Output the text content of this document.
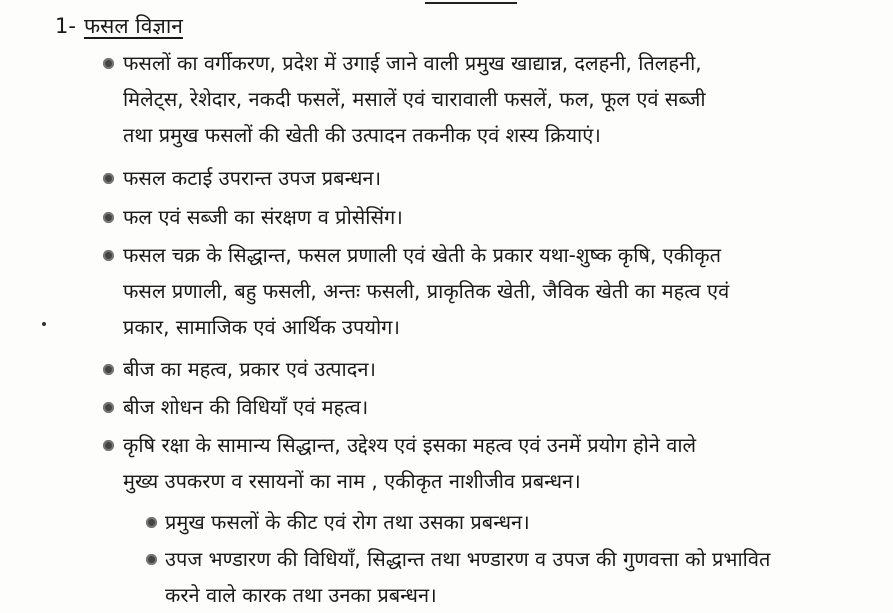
1- फसल विज्ञान
फसलों का वर्गीकरण, प्रदेश में उगाई जाने वाली प्रमुख खाद्यान्न, दलहनी, तिलहनी,
मिलेट्स, रेशेदार, नकदी फसलें, मसालें एवं चारावाली फसलें, फल, फूल एवं सब्जी
तथा प्रमुख फसलों की खेती की उत्पादन तकनीक एवं शस्य क्रियाएं।
फसल कटाई उपरान्त उपज प्रबन्धन।
फल एवं सब्जी का संरक्षण व प्रोसेसिंग।
फसल चक्र के सिद्धान्त, फसल प्रणाली एवं खेती के प्रकार यथा-शुष्क कृषि, एकीकृत
फसल प्रणाली, बहु फसली, अन्तः फसली, प्राकृतिक खेती, जैविक खेती का महत्व एवं
प्रकार, सामाजिक एवं आर्थिक उपयोग।
बीज का महत्व, प्रकार एवं उत्पादन।
बीज शोधन की विधियाँ एवं महत्व।
कृषि रक्षा के सामान्य सिद्धान्त, उद्देश्य एवं इसका महत्व एवं उनमें प्रयोग होने वाले
मुख्य उपकरण व रसायनों का नाम , एकीकृत नाशीजीव प्रबन्धन।
प्रमुख फसलों के कीट एवं रोग तथा उसका प्रबन्धन।
उपज भण्डारण की विधियाँ, सिद्धान्त तथा भण्डारण व उपज की गुणवत्ता को प्रभावित
करने वाले कारक तथा उनका प्रबन्धन।
